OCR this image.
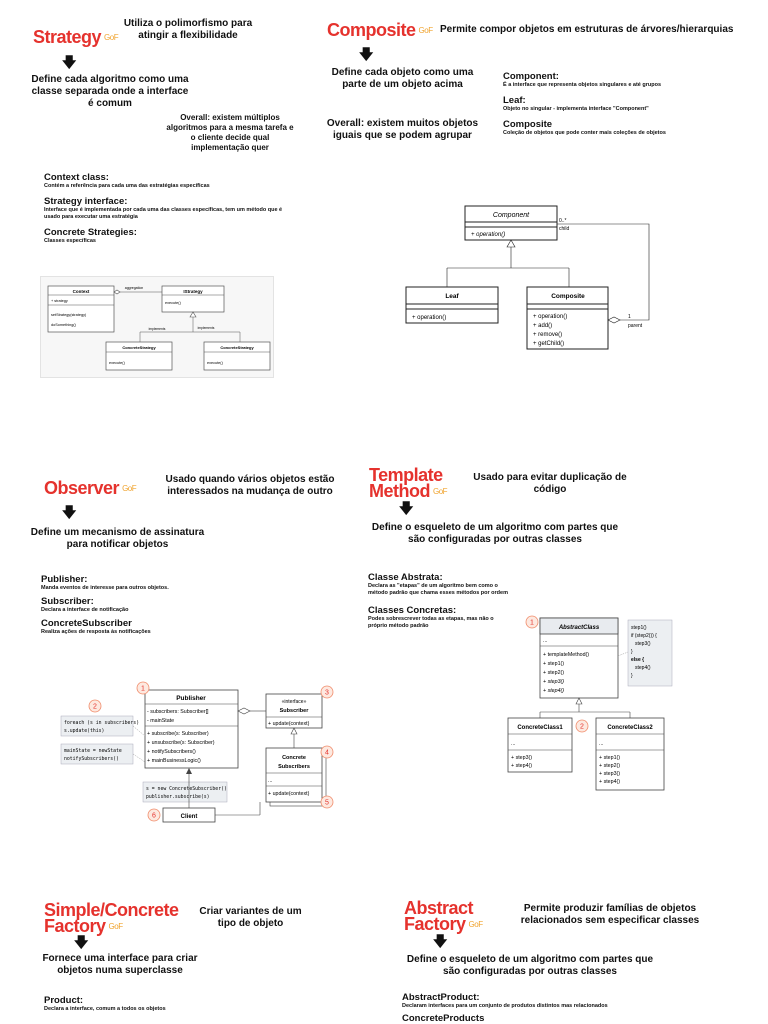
Strategy GoF
Utiliza o polimorfismo para atingir a flexibilidade
🡇
Define cada algoritmo como uma classe separada onde a interface é comum
Overall: existem múltiplos algoritmos para a mesma tarefa e o cliente decide qual implementação quer
Context class:
Contém a referência para cada uma das estratégias específicas
Strategy interface:
Interface que é implementada por cada uma das classes específicas, tem um método que é usado para executar uma estratégia
Concrete Strategies:
Classes específicas
Context
+ strategy
setStrategy(strategy)
doSomething()
aggregation
IStrategy
execute()
implements	implements
ConcreteStrategy
execute()
ConcreteStrategy
execute()
Composite GoF Permite compor objetos em estruturas de árvores/hierarquias
🡇
Define cada objeto como uma parte de um objeto acima
Overall: existem muitos objetos iguais que se podem agrupar
Component:
É a interface que representa objetos singulares e até grupos
Leaf:
Objeto no singular - implementa interface "Component"
Composite
Coleção de objetos que pode conter mais coleções de objetos
Component
+ operation()
0..*
child
1
parent
Leaf
+ operation()
Composite
+ operation()
+ add()
+ remove()
+ getChild()
Observer GoF
Usado quando vários objetos estão interessados na mudança de outro
🡇
Define um mecanismo de assinatura para notificar objetos
Publisher:
Manda eventos de interesse para outros objetos.
Subscriber:
Declara a interface de notificação
ConcreteSubscriber
Realiza ações de resposta às notificações
Publisher
- subscribers: Subscriber[]
- mainState
+ subscribe(s: Subscriber)
+ unsubscribe(s: Subscriber)
+ notifySubscribers()
+ mainBusinessLogic()
«interface»
Subscriber
+ update(context)
Concrete
Subscribers
...
+ update(context)
foreach (s in subscribers)
s.update(this)
mainState = newState
notifySubscribers()
s = new ConcreteSubscriber()
publisher.subscribe(s)
Client
1
2
3
4
5
6
Template
Method GoF
Usado para evitar duplicação de código
🡇
Define o esqueleto de um algoritmo com partes que são configuradas por outras classes
Classe Abstrata:
Declara as "etapas" de um algoritmo bem como o método padrão que chama esses métodos por ordem
Classes Concretas:
Podes sobrescrever todas as etapas, mas não o próprio método padrão	AbstractClass
...
+ templateMethod()
+ step1()
+ step2()
+ step3()
+ step4()
step1()
if (step2()) {
step3()
}
else {
step4()
}
ConcreteClass1
...
+ step3()
+ step4()
ConcreteClass2
...
+ step1()
+ step2()
+ step3()
+ step4()
1
2
Simple/Concrete
Factory GoF
Criar variantes de um tipo de objeto
🡇
Fornece uma interface para criar objetos numa superclasse
Product:
Declara a interface, comum a todos os objetos
Abstract
Factory GoF
Permite produzir famílias de objetos relacionados sem especificar classes
🡇
Define o esqueleto de um algoritmo com partes que são configuradas por outras classes
AbstractProduct:
Declaram interfaces para um conjunto de produtos distintos mas relacionados
ConcreteProducts
